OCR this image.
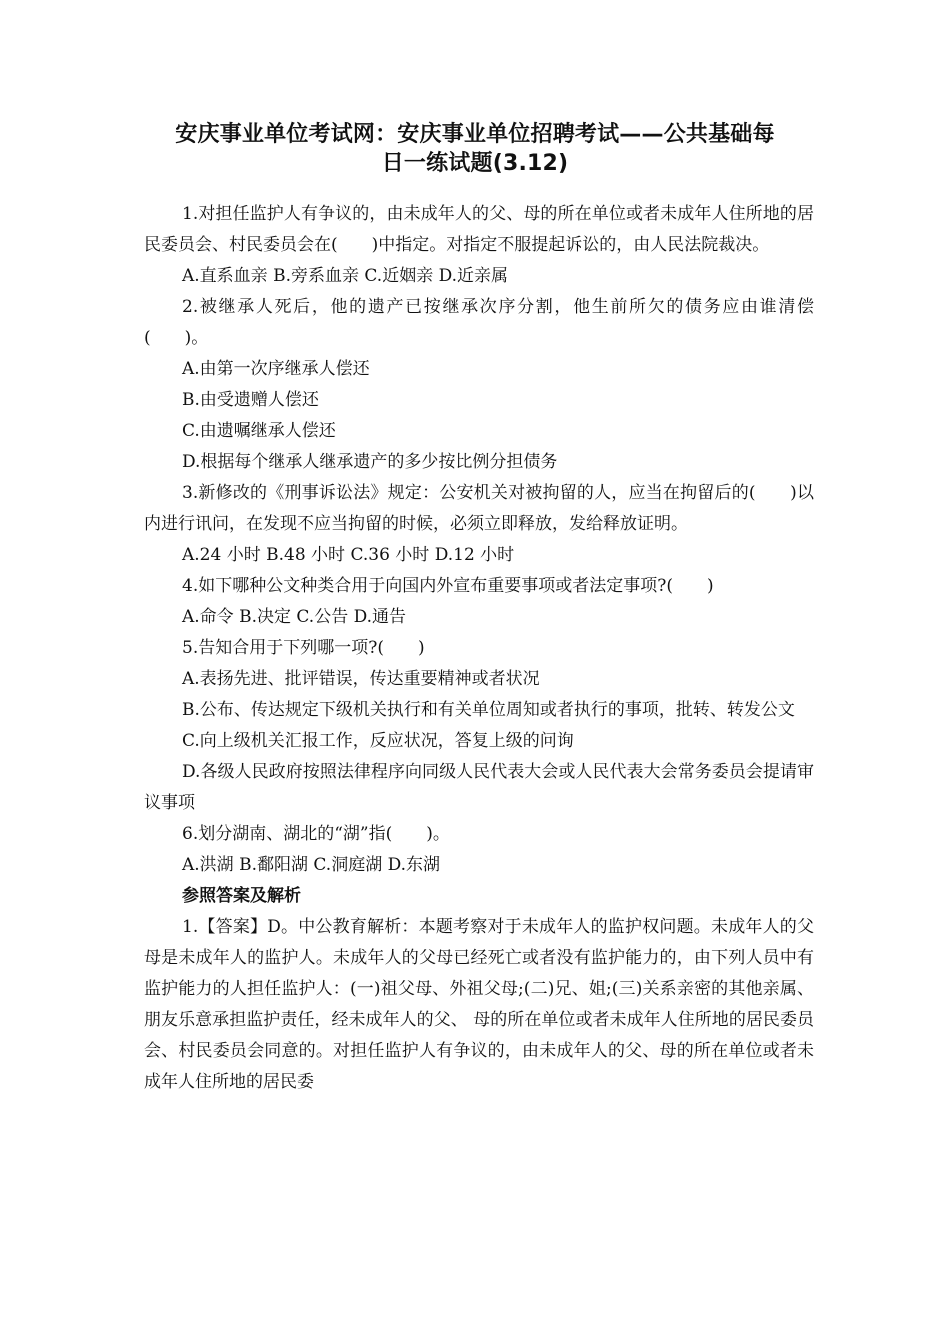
安庆事业单位考试网：安庆事业单位招聘考试——公共基础每
日一练试题(3.12)

1.对担任监护人有争议的，由未成年人的父、母的所在单位或者未成年人住所地的居民委员会、村民委员会在(　　)中指定。对指定不服提起诉讼的，由人民法院裁决。

A.直系血亲 B.旁系血亲 C.近姻亲 D.近亲属

2.被继承人死后，他的遗产已按继承次序分割，他生前所欠的债务应由谁清偿(　　)。

A.由第一次序继承人偿还

B.由受遗赠人偿还

C.由遗嘱继承人偿还

D.根据每个继承人继承遗产的多少按比例分担债务

3.新修改的《刑事诉讼法》规定：公安机关对被拘留的人，应当在拘留后的(　　)以内进行讯问，在发现不应当拘留的时候，必须立即释放，发给释放证明。

A.24 小时 B.48 小时 C.36 小时 D.12 小时

4.如下哪种公文种类合用于向国内外宣布重要事项或者法定事项?(　　)

A.命令 B.决定 C.公告 D.通告

5.告知合用于下列哪一项?(　　)

A.表扬先进、批评错误，传达重要精神或者状况

B.公布、传达规定下级机关执行和有关单位周知或者执行的事项，批转、转发公文

C.向上级机关汇报工作，反应状况，答复上级的问询

D.各级人民政府按照法律程序向同级人民代表大会或人民代表大会常务委员会提请审议事项

6.划分湖南、湖北的“湖”指(　　)。

A.洪湖 B.鄱阳湖 C.洞庭湖 D.东湖

参照答案及解析

1.【答案】D。中公教育解析：本题考察对于未成年人的监护权问题。未成年人的父母是未成年人的监护人。未成年人的父母已经死亡或者没有监护能力的，由下列人员中有监护能力的人担任监护人：(一)祖父母、外祖父母;(二)兄、姐;(三)关系亲密的其他亲属、朋友乐意承担监护责任，经未成年人的父、 母的所在单位或者未成年人住所地的居民委员会、村民委员会同意的。对担任监护人有争议的，由未成年人的父、母的所在单位或者未成年人住所地的居民委
